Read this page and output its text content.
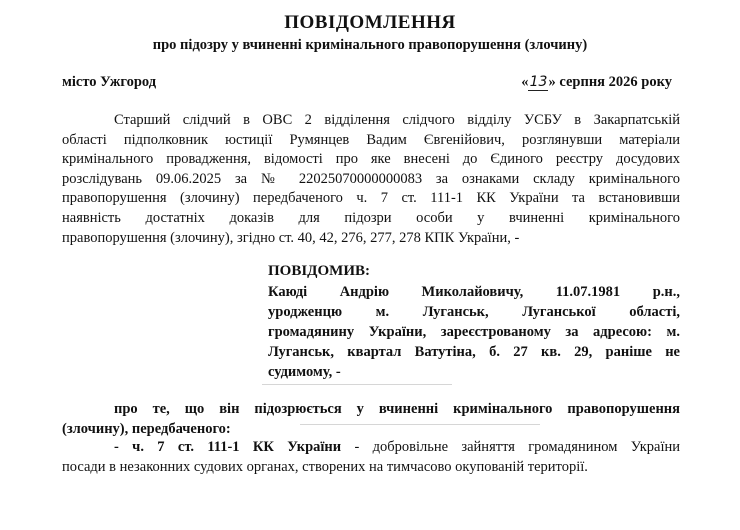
ПОВІДОМЛЕННЯ
про підозру у вчиненні кримінального правопорушення (злочину)
місто Ужгород	«13» серпня 2026 року
Старший слідчий в ОВС 2 відділення слідчого відділу УСБУ в Закарпатській
області підполковник юстиції Румянцев Вадим Євгенійович, розглянувши матеріали
кримінального провадження, відомості про яке внесені до Єдиного реєстру досудових
розслідувань 09.06.2025 за № 22025070000000083 за ознаками складу кримінального
правопорушення (злочину) передбаченого ч. 7 ст. 111-1 КК України та встановивши
наявність достатніх доказів для підозри особи у вчиненні кримінального
правопорушення (злочину), згідно ст. 40, 42, 276, 277, 278 КПК України, -
ПОВІДОМИВ:
Каюді Андрію Миколайовичу, 11.07.1981 р.н.,
уродженцю м. Луганськ, Луганської області,
громадянину України, зареєстрованому за адресою: м.
Луганськ, квартал Ватутіна, б. 27 кв. 29, раніше не
судимому, -
про те, що він підозрюється у вчиненні кримінального правопорушення
(злочину), передбаченого:
- ч. 7 ст. 111-1 КК України - добровільне зайняття громадянином України
посади в незаконних судових органах, створених на тимчасово окупованій території.
